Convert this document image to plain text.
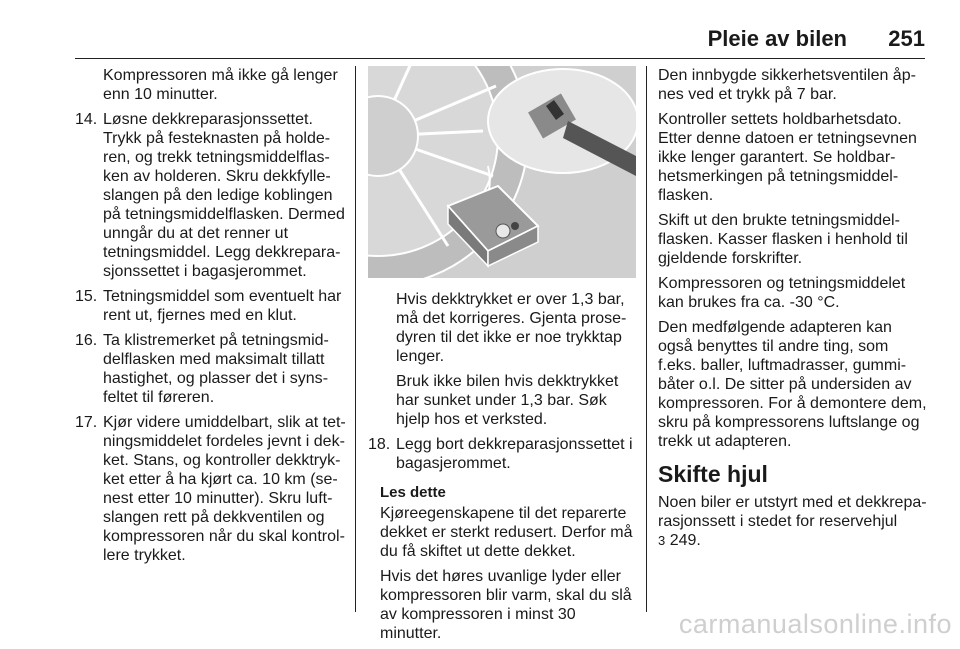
Pleie av bilen 251
Kompressoren må ikke gå lenger enn 10 minutter.
14. Løsne dekkreparasjonssettet. Trykk på festeknasten på holderen, og trekk tetningsmiddelflasken av holderen. Skru dekkfylleslangen på den ledige koblingen på tetningsmiddelflasken. Dermed unngår du at det renner ut tetningsmiddel. Legg dekkreparasjonssettet i bagasjerommet.
15. Tetningsmiddel som eventuelt har rent ut, fjernes med en klut.
16. Ta klistremerket på tetningsmiddelflasken med maksimalt tillatt hastighet, og plasser det i synsfeltet til føreren.
17. Kjør videre umiddelbart, slik at tetningsmiddelet fordeles jevnt i dekket. Stans, og kontroller dekktrykket etter å ha kjørt ca. 10 km (senest etter 10 minutter). Skru luftslangen rett på dekkventilen og kompressoren når du skal kontrollere trykket.
Hvis dekktrykket er over 1,3 bar, må det korrigeres. Gjenta prosedyren til det ikke er noe trykktap lenger.
Bruk ikke bilen hvis dekktrykket har sunket under 1,3 bar. Søk hjelp hos et verksted.
18. Legg bort dekkreparasjonssettet i bagasjerommet.
Les dette
Kjøreegenskapene til det reparerte dekket er sterkt redusert. Derfor må du få skiftet ut dette dekket.
Hvis det høres uvanlige lyder eller kompressoren blir varm, skal du slå av kompressoren i minst 30 minutter.
Den innbygde sikkerhetsventilen åpnes ved et trykk på 7 bar.
Kontroller settets holdbarhetsdato. Etter denne datoen er tetningsevnen ikke lenger garantert. Se holdbarhetsmerkingen på tetningsmiddelflasken.
Skift ut den brukte tetningsmiddelflasken. Kasser flasken i henhold til gjeldende forskrifter.
Kompressoren og tetningsmiddelet kan brukes fra ca. -30 °C.
Den medfølgende adapteren kan også benyttes til andre ting, som f.eks. baller, luftmadrasser, gummibåter o.l. De sitter på undersiden av kompressoren. For å demontere dem, skru på kompressorens luftslange og trekk ut adapteren.
Skifte hjul
Noen biler er utstyrt med et dekkreparasjonssett i stedet for reservehjul
3 249.
carmanualsonline.info
